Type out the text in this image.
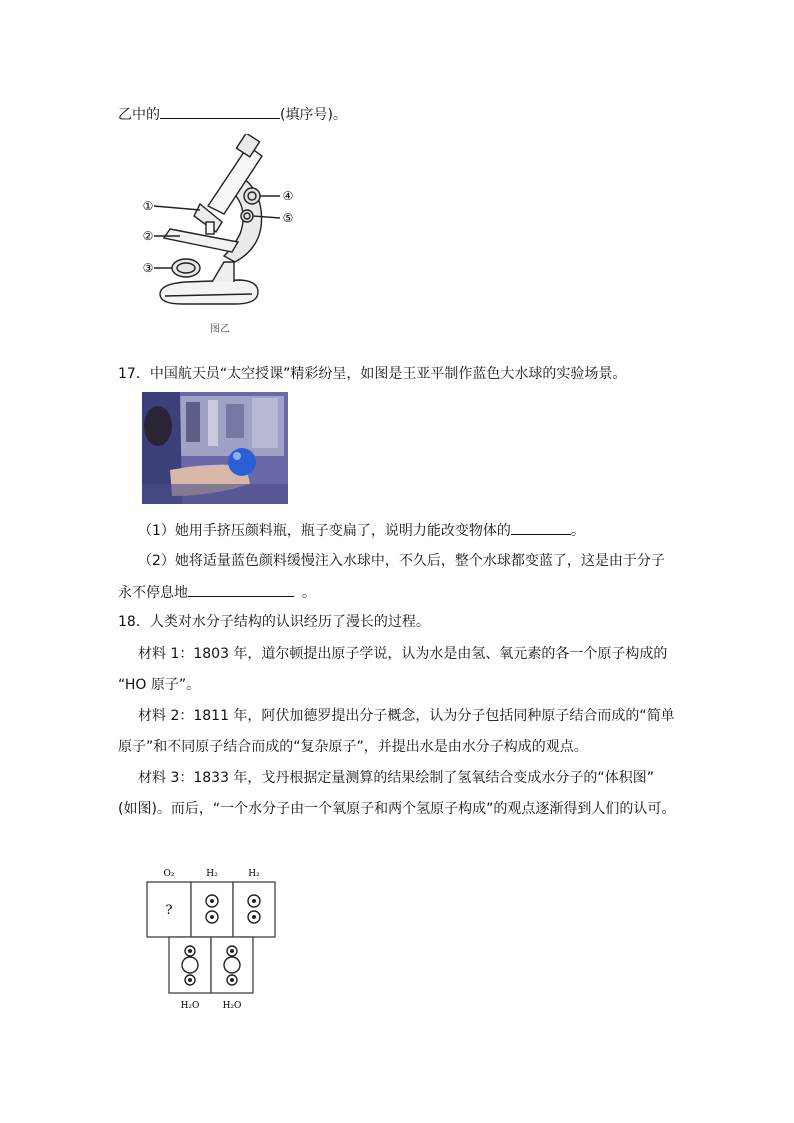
乙中的	(填序号)。
①
②
③
④
⑤
图乙
17．中国航天员“太空授课”精彩纷呈，如图是王亚平制作蓝色大水球的实验场景。
（1）她用手挤压颜料瓶，瓶子变扁了，说明力能改变物体的	。
（2）她将适量蓝色颜料缓慢注入水球中，不久后，整个水球都变蓝了，这是由于分子
永不停息地	。
18．人类对水分子结构的认识经历了漫长的过程。
材料 1：1803 年，道尔顿提出原子学说，认为水是由氢、氧元素的各一个原子构成的
“HO 原子”。
材料 2：1811 年，阿伏加德罗提出分子概念，认为分子包括同种原子结合而成的“简单
原子”和不同原子结合而成的“复杂原子”，并提出水是由水分子构成的观点。
材料 3：1833 年，戈丹根据定量测算的结果绘制了氢氧结合变成水分子的“体积图”
(如图)。而后，“一个水分子由一个氧原子和两个氢原子构成”的观点逐渐得到人们的认可。
?
O₂	H₂	H₂
H₂O	H₂O
